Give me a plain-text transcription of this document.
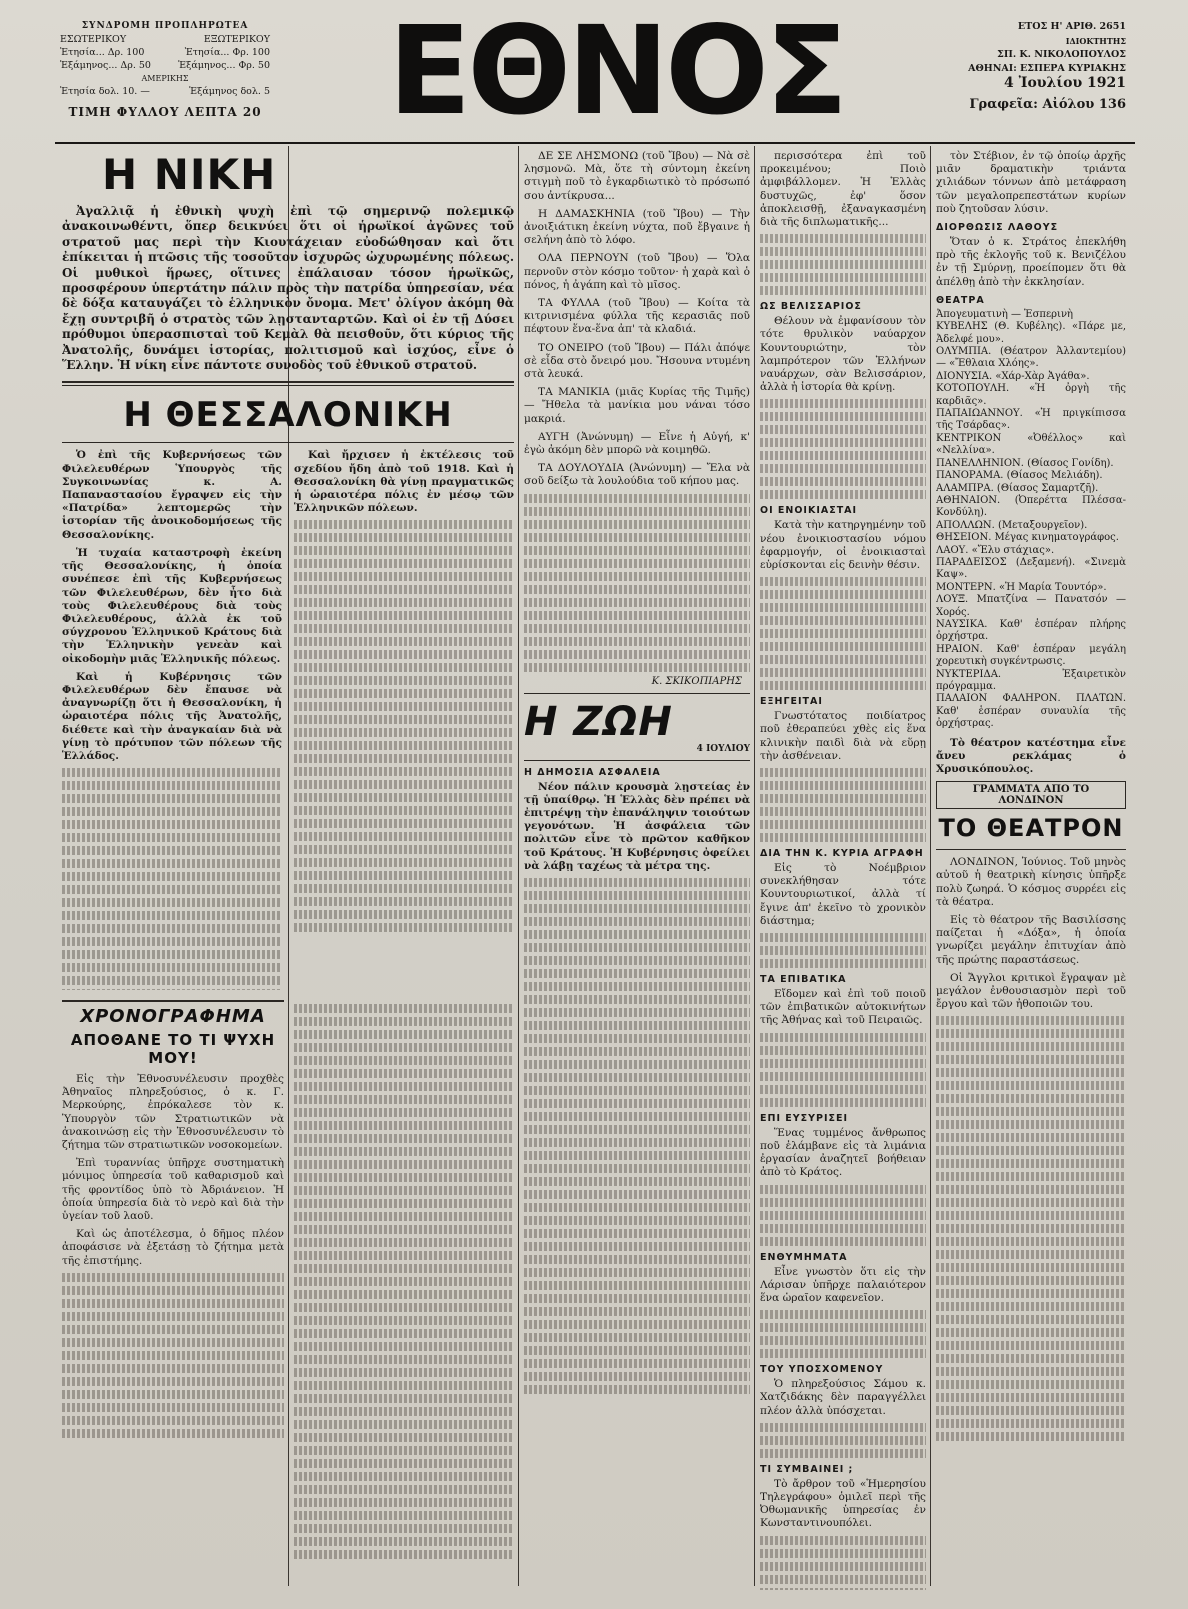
ΣΥΝΔΡΟΜΗ ΠΡΟΠΛΗΡΩΤΕΑ
ΕΣΩΤΕΡΙΚΟΥ	ΕΞΩΤΕΡΙΚΟΥ
Ἐτησία... Δρ. 100	Ἐτησία... Φρ. 100
Ἑξάμηνος... Δρ. 50	Ἑξάμηνος... Φρ. 50
ΑΜΕΡΙΚΗΣ
Ἐτησία δολ. 10. —	Ἑξάμηνος δολ. 5
ΤΙΜΗ ΦΥΛΛΟΥ ΛΕΠΤΑ 20 ΕΘΝΟΣ	ΕΤΟΣ Η' ΑΡΙΘ. 2651
ΙΔΙΟΚΤΗΤΗΣ
ΣΠ. Κ. ΝΙΚΟΛΟΠΟΥΛΟΣ
ΑΘΗΝΑΙ: ΕΣΠΕΡΑ ΚΥΡΙΑΚΗΣ
4 Ἰουλίου 1921
Γραφεῖα: Αἰόλου 136
Η ΝΙΚΗ

Ἀγαλλιᾷ ἡ ἐθνικὴ ψυχὴ ἐπὶ τῷ σημερινῷ πολεμικῷ ἀνακοινωθέντι, ὅπερ δεικνύει ὅτι οἱ ἡρωϊκοί ἀγῶνες τοῦ στρατοῦ μας περὶ τὴν Κιουτάχειαν εὐοδώθησαν καὶ ὅτι ἐπίκειται ἡ πτῶσις τῆς τοσοῦτον ἰσχυρῶς ὠχυρωμένης πόλεως. Οἱ μυθικοὶ ἥρωες, οἵτινες ἐπάλαισαν τόσον ἡρωϊκῶς, προσφέρουν ὑπερτάτην πάλιν πρὸς τὴν πατρίδα ὑπηρεσίαν, νέα δὲ δόξα καταυγάζει τὸ ἑλληνικὸν ὄνομα. Μετ' ὀλίγον ἀκόμη θὰ ἔχῃ συντριβῆ ὁ στρατὸς τῶν λῃστανταρτῶν. Καὶ οἱ ἐν τῇ Δύσει πρόθυμοι ὑπερασπισταὶ τοῦ Κεμὰλ θὰ πεισθοῦν, ὅτι κύριος τῆς Ἀνατολῆς, δυνάμει ἱστορίας, πολιτισμοῦ καὶ ἰσχύος, εἶνε ὁ Ἕλλην. Ἡ νίκη εἶνε πάντοτε συνοδὸς τοῦ ἐθνικοῦ στρατοῦ.

Η ΘΕΣΣΑΛΟΝΙΚΗ

Ὁ ἐπὶ τῆς Κυβερνήσεως τῶν Φιλελευθέρων Ὑπουργὸς τῆς Συγκοινωνίας κ. Α. Παπαναστασίου ἔγραψεν εἰς τὴν «Πατρίδα» λεπτομερῶς τὴν ἱστορίαν τῆς ἀνοικοδομήσεως τῆς Θεσσαλονίκης.

Ἡ τυχαία καταστροφὴ ἐκείνη τῆς Θεσσαλονίκης, ἡ ὁποία συνέπεσε ἐπὶ τῆς Κυβερνήσεως τῶν Φιλελευθέρων, δὲν ἦτο διὰ τοὺς Φιλελευθέρους διὰ τοὺς Φιλελευθέρους, ἀλλὰ ἐκ τοῦ σύγχρονου Ἑλληνικοῦ Κράτους διὰ τὴν Ἑλληνικὴν γενεὰν καὶ οἰκοδομὴν μιᾶς Ἑλληνικῆς πόλεως.

Καὶ ἡ Κυβέρνησις τῶν Φιλελευθέρων δὲν ἔπαυσε νὰ ἀναγνωρίζῃ ὅτι ἡ Θεσσαλονίκη, ἡ ὡραιοτέρα πόλις τῆς Ἀνατολῆς, διέθετε καὶ τὴν ἀναγκαίαν διὰ νὰ γίνῃ τὸ πρότυπον τῶν πόλεων τῆς Ἑλλάδος.

Καὶ ἤρχισεν ἡ ἐκτέλεσις τοῦ σχεδίου ἤδη ἀπὸ τοῦ 1918. Καὶ ἡ Θεσσαλονίκη θὰ γίνῃ πραγματικῶς ἡ ὡραιοτέρα πόλις ἐν μέσῳ τῶν Ἑλληνικῶν πόλεων.

ΧΡΟΝΟΓΡΑΦΗΜΑ
ΑΠΟΘΑΝΕ ΤΟ ΤΙ ΨΥΧΗ ΜΟΥ!

Εἰς τὴν Ἐθνοσυνέλευσιν προχθὲς Ἀθηναῖος πληρεξούσιος, ὁ κ. Γ. Μερκούρης, ἐπρόκαλεσε τὸν κ. Ὑπουργὸν τῶν Στρατιωτικῶν νὰ ἀνακοινώσῃ εἰς τὴν Ἐθνοσυνέλευσιν τὸ ζήτημα τῶν στρατιωτικῶν νοσοκομείων.

Ἐπὶ τυραννίας ὑπῆρχε συστηματικὴ μόνιμος ὑπηρεσία τοῦ καθαρισμοῦ καὶ τῆς φροντίδος ὑπὸ τὸ Ἀδριάνειον. Ἡ ὁποία ὑπηρεσία διὰ τὸ νερὸ καὶ διὰ τὴν ὑγείαν τοῦ λαοῦ.

Καὶ ὡς ἀποτέλεσμα, ὁ δῆμος πλέον ἀποφάσισε νὰ ἐξετάσῃ τὸ ζήτημα μετὰ τῆς ἐπιστήμης.

ΔΕ ΣΕ ΛΗΣΜΟΝΩ (τοῦ Ἴβου) — Νὰ σὲ λησμονῶ. Μὰ, ὅτε τὴ σύντομη ἐκείνη στιγμὴ ποῦ τὸ ἐγκαρδιωτικὸ τὸ πρόσωπό σου ἀντίκρυσα...

Η ΔΑΜΑΣΚΗΝΙΑ (τοῦ Ἴβου) — Τὴν ἀνοιξιάτικη ἐκείνη νύχτα, ποῦ ἔβγαινε ἡ σελήνη ἀπὸ τὸ λόφο.

ΟΛΑ ΠΕΡΝΟΥΝ (τοῦ Ἴβου) — Ὅλα περνοῦν στὸν κόσμο τοῦτον· ἡ χαρὰ καὶ ὁ πόνος, ἡ ἀγάπη καὶ τὸ μῖσος.

ΤΑ ΦΥΛΛΑ (τοῦ Ἴβου) — Κοίτα τὰ κιτρινισμένα φύλλα τῆς κερασιᾶς ποῦ πέφτουν ἕνα-ἕνα ἀπ' τὰ κλαδιά.

ΤΟ ΟΝΕΙΡΟ (τοῦ Ἴβου) — Πάλι ἀπόψε σὲ εἶδα στὸ ὄνειρό μου. Ἤσουνα ντυμένη στὰ λευκά.

ΤΑ ΜΑΝΙΚΙΑ (μιᾶς Κυρίας τῆς Τιμῆς) — Ἤθελα τὰ μανίκια μου νάναι τόσο μακριά.

ΑΥΓΗ (Ἀνώνυμη) — Εἶνε ἡ Αὐγή, κ' ἐγὼ ἀκόμη δὲν μπορῶ νὰ κοιμηθῶ.

ΤΑ ΔΟΥΛΟΥΔΙΑ (Ἀνώνυμη) — Ἔλα νὰ σοῦ δείξω τὰ λουλούδια τοῦ κήπου μας.

Κ. ΣΚΙΚΟΠΙΑΡΗΣ
Η ΖΩΗ
4 ΙΟΥΛΙΟΥ
Η ΔΗΜΟΣΙΑ ΑΣΦΑΛΕΙΑ

Νέον πάλιν κρουσμὰ λῃστείας ἐν τῇ ὑπαίθρῳ. Ἡ Ἑλλὰς δὲν πρέπει νὰ ἐπιτρέψῃ τὴν ἐπανάληψιν τοιούτων γεγονότων. Ἡ ἀσφάλεια τῶν πολιτῶν εἶνε τὸ πρῶτον καθῆκον τοῦ Κράτους. Ἡ Κυβέρνησις ὀφείλει νὰ λάβῃ ταχέως τὰ μέτρα της.

περισσότερα ἐπὶ τοῦ προκειμένου; Ποιὸ ἀμφιβάλλομεν. Ἡ Ἑλλὰς δυστυχῶς, ἐφ' ὅσον ἀποκλεισθῇ, ἐξαναγκασμένη διὰ τῆς διπλωματικῆς...

ΩΣ ΒΕΛΙΣΣΑΡΙΟΣ

Θέλουν νὰ ἐμφανίσουν τὸν τότε θρυλικὸν ναύαρχον Κουντουριώτην, τὸν λαμπρότερον τῶν Ἑλλήνων ναυάρχων, σὰν Βελισσάριον, ἀλλὰ ἡ ἱστορία θὰ κρίνῃ.

ΟΙ ΕΝΟΙΚΙΑΣΤΑΙ

Κατὰ τὴν κατηργημένην τοῦ νέου ἐνοικιοστασίου νόμου ἐφαρμογήν, οἱ ἐνοικιασταὶ εὑρίσκονται εἰς δεινὴν θέσιν.

ΕΞΗΓΕΙΤΑΙ

Γνωστότατος ποιδίατρος ποῦ ἐθεραπεύει χθὲς εἰς ἕνα κλινικὴν παιδὶ διὰ νὰ εὕρῃ τὴν ἀσθένειαν.

ΔΙΑ ΤΗΝ Κ. ΚΥΡΙΑ ΑΓΡΑΦΗ

Εἰς τὸ Νοέμβριον συνεκλήθησαν τότε Κουντουριωτικοί, ἀλλὰ τί ἔγινε ἀπ' ἐκεῖνο τὸ χρονικὸν διάστημα;

ΤΑ ΕΠΙΒΑΤΙΚΑ

Εἴδομεν καὶ ἐπὶ τοῦ ποιοῦ τῶν ἐπιβατικῶν αὐτοκινήτων τῆς Ἀθήνας καὶ τοῦ Πειραιῶς.

ΕΠΙ ΕΥΣΥΡΙΣΕΙ

Ἕνας τυμμένος ἄνθρωπος ποῦ ἐλάμβανε εἰς τὰ λιμάνια ἐργασίαν ἀναζητεῖ βοήθειαν ἀπὸ τὸ Κράτος.

ΕΝΘΥΜΗΜΑΤΑ

Εἶνε γνωστὸν ὅτι εἰς τὴν Λάρισαν ὑπῆρχε παλαιότερον ἕνα ὡραῖον καφενεῖον.

ΤΟΥ ΥΠΟΣΧΟΜΕΝΟΥ

Ὁ πληρεξούσιος Σάμου κ. Χατζιδάκης δὲν παραγγέλλει πλέον ἀλλὰ ὑπόσχεται.

ΤΙ ΣΥΜΒΑΙΝΕΙ ;

Τὸ ἄρθρον τοῦ «Ἡμερησίου Τηλεγράφου» ὁμιλεῖ περὶ τῆς Ὀθωμανικῆς ὑπηρεσίας ἐν Κωνσταντινουπόλει.

τὸν Στέβιον, ἐν τῷ ὁποίῳ ἀρχῆς μιᾶν δραματικὴν τριάντα χιλιάδων τόννων ἀπὸ μετάφραση τῶν μεγαλοπρεπεστάτων κυρίων ποὺ ζητοῦσαν λύσιν.

ΔΙΟΡΘΩΣΙΣ ΛΑΘΟΥΣ

Ὅταν ὁ κ. Στράτος ἐπεκλήθη πρὸ τῆς ἐκλογῆς τοῦ κ. Βενιζέλου ἐν τῇ Σμύρνῃ, προείπομεν ὅτι θὰ ἀπέλθῃ ἀπὸ τὴν ἐκκλησίαν.

ΘΕΑΤΡΑ
Ἀπογευματινὴ — Ἑσπερινὴ
ΚΥΒΕΛΗΣ (Θ. Κυβέλης). «Πάρε με, Ἀδελφέ μου».
ΟΛΥΜΠΙΑ. (Θέατρον Ἀλλαντεμίου) — «Ἔθλαια Χλόης».
ΔΙΟΝΥΣΙΑ. «Χάρ-Χὰρ Ἀγάθα».
ΚΟΤΟΠΟΥΛΗ. «Ἡ ὀργὴ τῆς καρδιᾶς».
ΠΑΠΑΙΩΑΝΝΟΥ. «Ἡ πριγκίπισσα τῆς Τσάρδας».
ΚΕΝΤΡΙΚΟΝ «Ὀθέλλος» καὶ «Νελλίνα».
ΠΑΝΕΛΛΗΝΙΟΝ. (Θίασος Γονίδη).
ΠΑΝΟΡΑΜΑ. (Θίασος Μελιάδη).
ΑΛΑΜΠΡΑ. (Θίασος Σαμαρτζῆ).
ΑΘΗΝΑΙΟΝ. (Ὀπερέττα Πλέσσα-Κονδύλη).
ΑΠΟΛΛΩΝ. (Μεταξουργεῖον).
ΘΗΣΕΙΟΝ. Μέγας κινηματογράφος.
ΛΑΟΥ. «Ἔλυ στάχιας».
ΠΑΡΑΔΕΙΣΟΣ (Δεξαμενή). «Σινεμὰ Καψ».
ΜΟΝΤΕΡΝ. «Ἡ Μαρία Τουντόρ».
ΛΟΥΞ. Μπατζίνα — Πανατσόν — Χορός.
ΝΑΥΣΙΚΑ. Καθ' ἑσπέραν πλήρης ὀρχήστρα.
ΗΡΑΙΟΝ. Καθ' ἑσπέραν μεγάλη χορευτικὴ συγκέντρωσις.
ΝΥΚΤΕΡΙΔΑ. Ἐξαιρετικὸν πρόγραμμα.
ΠΑΛΑΙΟΝ ΦΑΛΗΡΟΝ. ΠΛΑΤΩΝ. Καθ' ἑσπέραν συναυλία τῆς ὀρχήστρας.

Τὸ θέατρον κατέστημα εἶνε ἄνευ ρεκλάμας ὁ Χρυσικόπουλος.

ΓΡΑΜΜΑΤΑ ΑΠΟ ΤΟ ΛΟΝΔΙΝΟΝ
ΤΟ ΘΕΑΤΡΟΝ

ΛΟΝΔΙΝΟΝ, Ἰούνιος. Τοῦ μηνὸς αὐτοῦ ἡ θεατρικὴ κίνησις ὑπῆρξε πολὺ ζωηρά. Ὁ κόσμος συρρέει εἰς τὰ θέατρα.

Εἰς τὸ θέατρον τῆς Βασιλίσσης παίζεται ἡ «Δόξα», ἡ ὁποία γνωρίζει μεγάλην ἐπιτυχίαν ἀπὸ τῆς πρώτης παραστάσεως.

Οἱ Ἄγγλοι κριτικοὶ ἔγραψαν μὲ μεγάλον ἐνθουσιασμὸν περὶ τοῦ ἔργου καὶ τῶν ἠθοποιῶν του.
